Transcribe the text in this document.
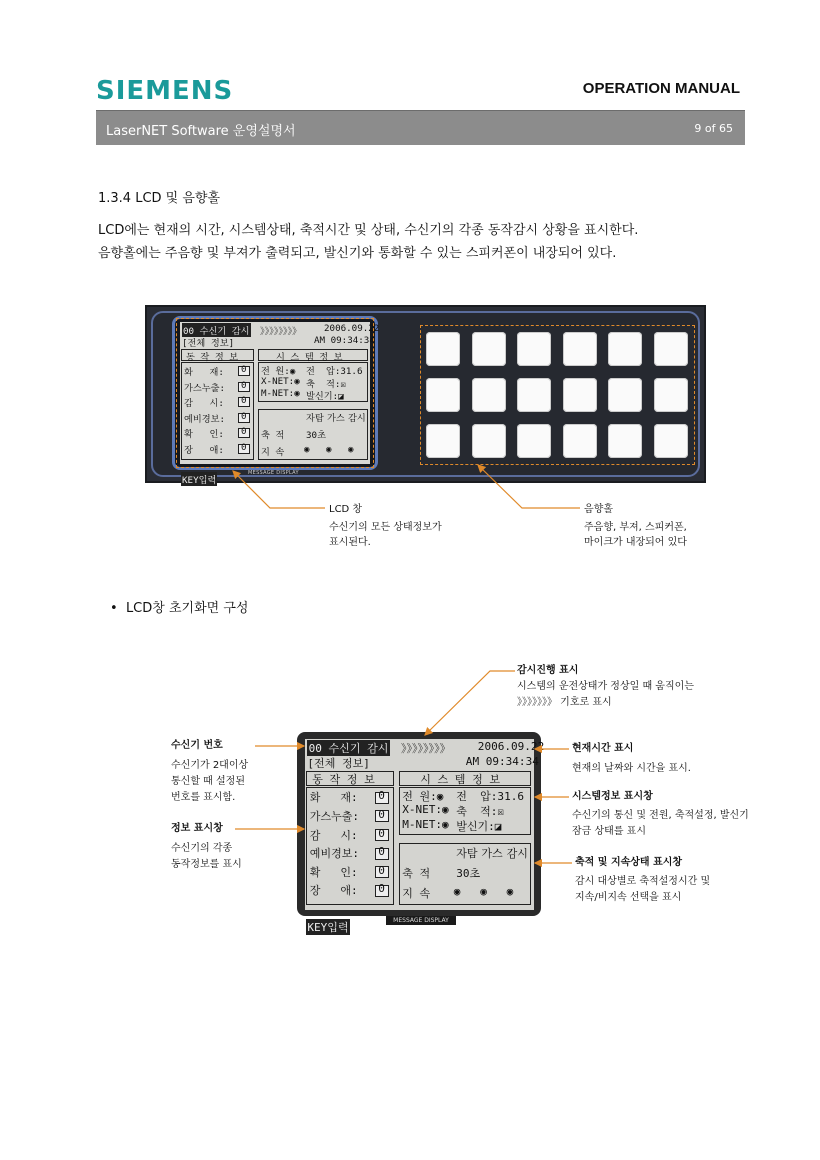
SIEMENS	OPERATION MANUAL
LaserNET Software 운영설명서	9 of 65
1.3.4 LCD 및 음향홀
LCD에는 현재의 시간, 시스템상태, 축적시간 및 상태, 수신기의 각종 동작감시 상황을 표시한다.
음향홀에는 주음향 및 부져가 출력되고, 발신기와 통화할 수 있는 스피커폰이 내장되어 있다.
00 수신기 감시 》》》》》》》》 2006.09.22
[전체 정보]	AM 09:34:34
동 작 정 보	시 스 템 정 보
화   재: 0
가스누출: 0
감   시: 0
예비경보: 0
확   인: 0
장   애: 0
전 원:◉ 전  압:31.6
X-NET:◉ 축  적:☒
M-NET:◉ 발신기:◪
자탐 가스 감시
축 적 30초
지 속 ◉ ◉ ◉
KEY입력
MESSAGE DISPLAY
LCD 창
수신기의 모든 상태정보가
표시된다.
음향홀
주음향, 부져, 스피커폰,
마이크가 내장되어 있다
• LCD창 초기화면 구성
00 수신기 감시 》》》》》》》》 2006.09.22
[전체 정보]	AM 09:34:34
동 작 정 보	시 스 템 정 보
화   재: 0
가스누출: 0
감   시: 0
예비경보: 0
확   인: 0
장   애: 0
전 원:◉ 전  압:31.6
X-NET:◉ 축  적:☒
M-NET:◉ 발신기:◪
자탐 가스 감시
축 적 30초
지 속 ◉ ◉ ◉
KEY입력
MESSAGE DISPLAY
감시진행 표시
시스템의 운전상태가 정상일 때 움직이는
》》》》》》》 기호로 표시
수신기 번호
수신기가 2대이상
통신할 때 설정된
번호를 표시함.
정보 표시창
수신기의 각종
동작정보를 표시
현재시간 표시
현재의 날짜와 시간을 표시.
시스템정보 표시창
수신기의 통신 및 전원, 축적설정, 발신기
잠금 상태를 표시
축적 및 지속상태 표시창
감시 대상별로 축적설정시간 및
지속/비지속 선택을 표시
